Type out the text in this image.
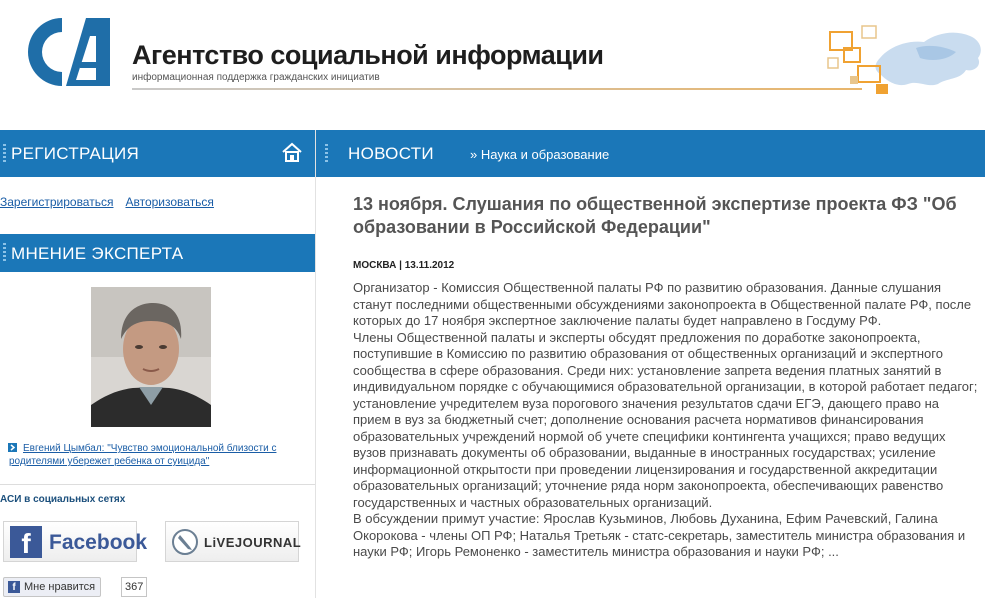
Агентство социальной информации
информационная поддержка гражданских инициатив
РЕГИСТРАЦИЯ
Зарегистрироваться Авторизоваться
МНЕНИЕ ЭКСПЕРТА
Евгений Цымбал: "Чувство эмоциональной близости с родителями убережет ребенка от суицида"
АСИ в социальных сетях
f Facebook	LiVEJOURNAL
f Мне нравится	367
НОВОСТИ	» Наука и образование
13 ноября. Слушания по общественной экспертизе проекта ФЗ "Об образовании в Российской Федерации"
МОСКВА | 13.11.2012

Организатор - Комиссия Общественной палаты РФ по развитию образования. Данные слушания станут последними общественными обсуждениями законопроекта в Общественной палате РФ, после которых до 17 ноября экспертное заключение палаты будет направлено в Госдуму РФ.

Члены Общественной палаты и эксперты обсудят предложения по доработке законопроекта, поступившие в Комиссию по развитию образования от общественных организаций и экспертного сообщества в сфере образования. Среди них: установление запрета ведения платных занятий в индивидуальном порядке с обучающимися образовательной организации, в которой работает педагог; установление учредителем вуза порогового значения результатов сдачи ЕГЭ, дающего право на прием в вуз за бюджетный счет; дополнение основания расчета нормативов финансирования образовательных учреждений нормой об учете специфики контингента учащихся; право ведущих вузов признавать документы об образовании, выданные в иностранных государствах; усиление информационной открытости при проведении лицензирования и государственной аккредитации образовательных организаций; уточнение ряда норм законопроекта, обеспечивающих равенство государственных и частных образовательных организаций.

В обсуждении примут участие: Ярослав Кузьминов, Любовь Духанина, Ефим Рачевский, Галина Окорокова - члены ОП РФ; Наталья Третьяк - статс-секретарь, заместитель министра образования и науки РФ; Игорь Ремоненко - заместитель министра образования и науки РФ; ...
